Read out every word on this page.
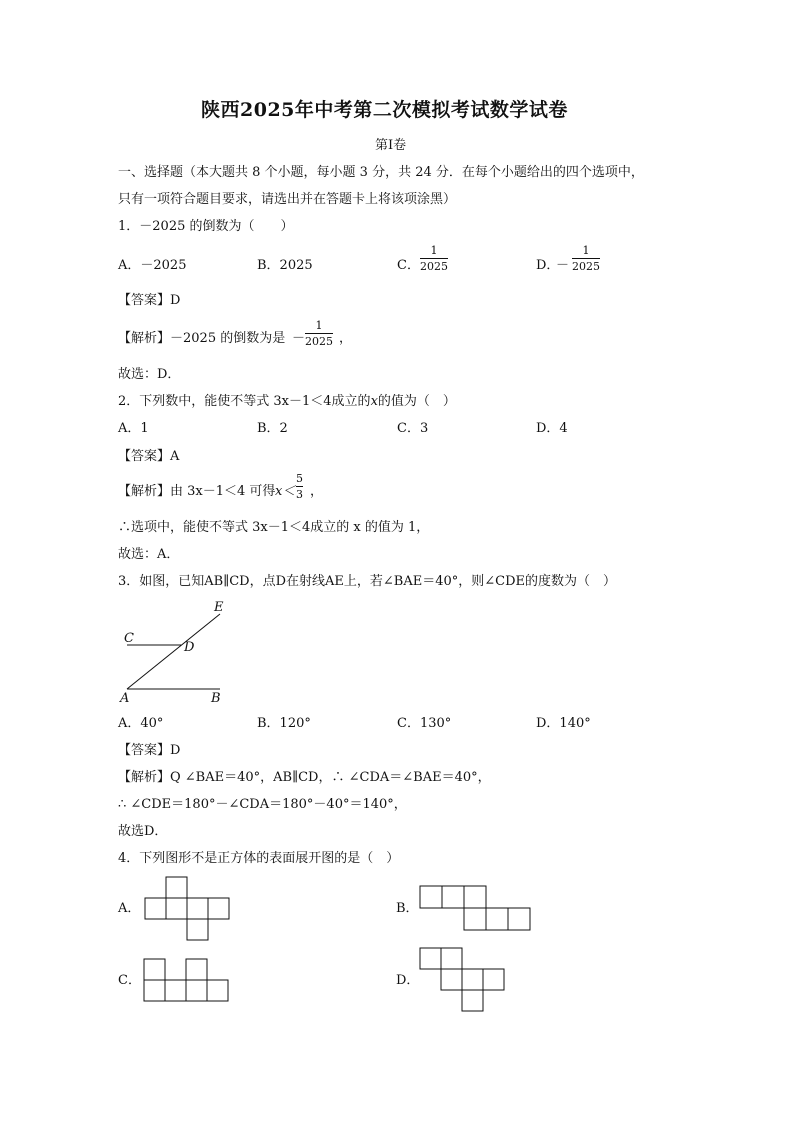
陕西2025年中考第二次模拟考试数学试卷
第I卷
一、选择题（本大题共 8 个小题，每小题 3 分，共 24 分．在每个小题给出的四个选项中，
只有一项符合题目要求，请选出并在答题卡上将该项涂黑）
1．－2025 的倒数为（　　）
A．－2025	B．2025	C． $\frac{1}{2025}$	D．
－ $\frac{1}{2025}$
【答案】D
【解析】－2025 的倒数为是 － $\frac{1}{2025}$ ，
故选：D．
2．下列数中，能使不等式 3x－1＜4成立的x的值为（　）
A．1	B．2	C．3	D．4
【答案】A
【解析】由 3x－1＜4 可得 $x< \frac{5}{3}$ ，
∴选项中，能使不等式 3x－1＜4成立的 x 的值为 1，
故选：A．
3．如图，已知AB∥CD，点D在射线AE上，若∠BAE＝40°，则∠CDE的度数为（　）
E
C
D
A	B
A．40°	B．120°	C．130°	D．140°
【答案】D
【解析】Q ∠BAE＝40°，AB∥CD，∴ ∠CDA＝∠BAE＝40°，
∴ ∠CDE＝180°－∠CDA＝180°－40°＝140°，
故选D．
4．下列图形不是正方体的表面展开图的是（　）
A．	B．
C．	D．
